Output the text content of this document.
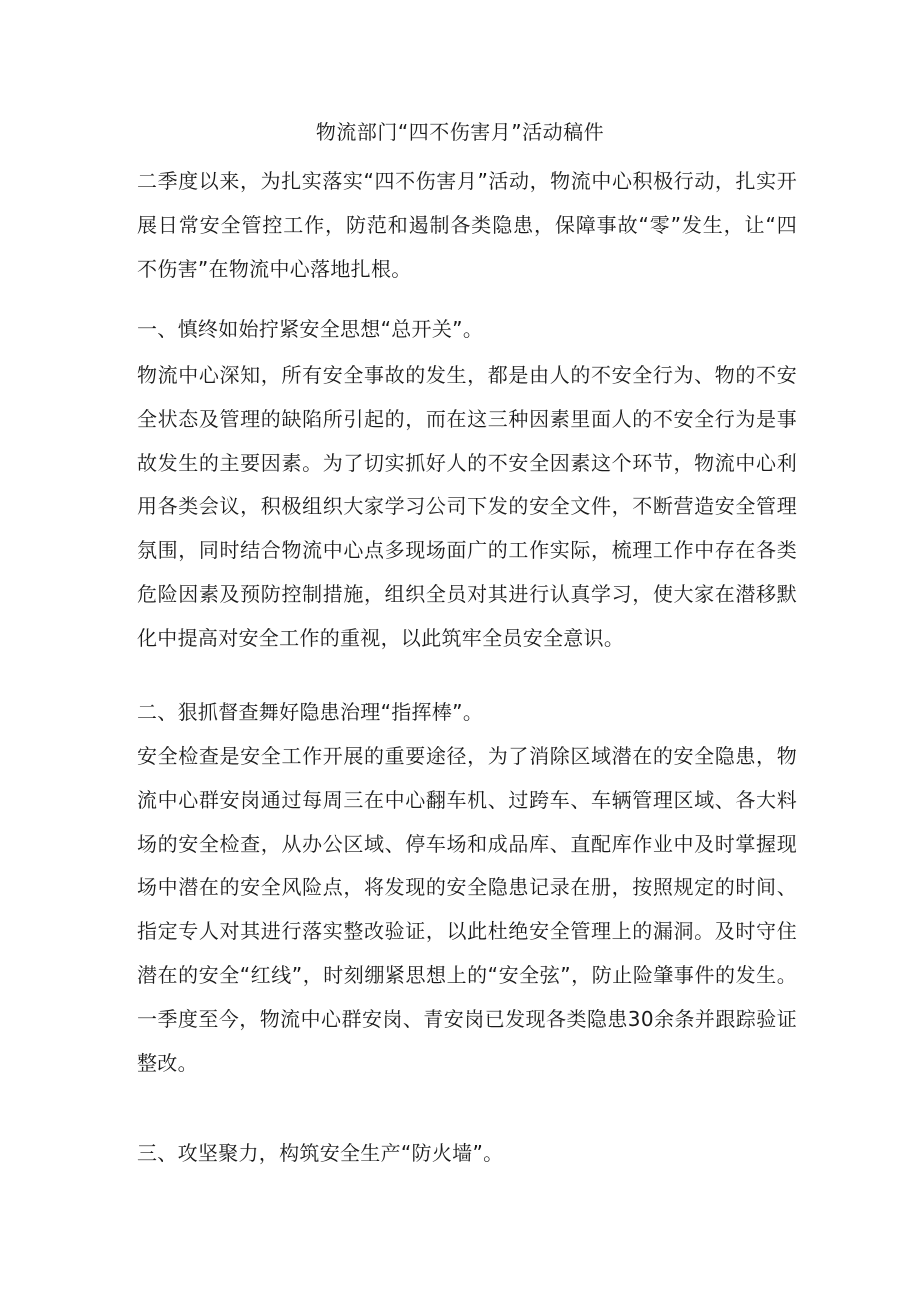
物流部门“四不伤害月”活动稿件

二季度以来，为扎实落实“四不伤害月”活动，物流中心积极行动，扎实开展日常安全管控工作，防范和遏制各类隐患，保障事故“零”发生，让“四不伤害”在物流中心落地扎根。

一、慎终如始拧紧安全思想“总开关”。

物流中心深知，所有安全事故的发生，都是由人的不安全行为、物的不安全状态及管理的缺陷所引起的，而在这三种因素里面人的不安全行为是事故发生的主要因素。为了切实抓好人的不安全因素这个环节，物流中心利用各类会议，积极组织大家学习公司下发的安全文件，不断营造安全管理氛围，同时结合物流中心点多现场面广的工作实际，梳理工作中存在各类危险因素及预防控制措施，组织全员对其进行认真学习，使大家在潜移默化中提高对安全工作的重视，以此筑牢全员安全意识。

二、狠抓督查舞好隐患治理“指挥棒”。

安全检查是安全工作开展的重要途径，为了消除区域潜在的安全隐患，物流中心群安岗通过每周三在中心翻车机、过跨车、车辆管理区域、各大料场的安全检查，从办公区域、停车场和成品库、直配库作业中及时掌握现场中潜在的安全风险点，将发现的安全隐患记录在册，按照规定的时间、指定专人对其进行落实整改验证，以此杜绝安全管理上的漏洞。及时守住潜在的安全“红线”，时刻绷紧思想上的“安全弦”，防止险肇事件的发生。一季度至今，物流中心群安岗、青安岗已发现各类隐患30余条并跟踪验证整改。

三、攻坚聚力，构筑安全生产“防火墙”。
